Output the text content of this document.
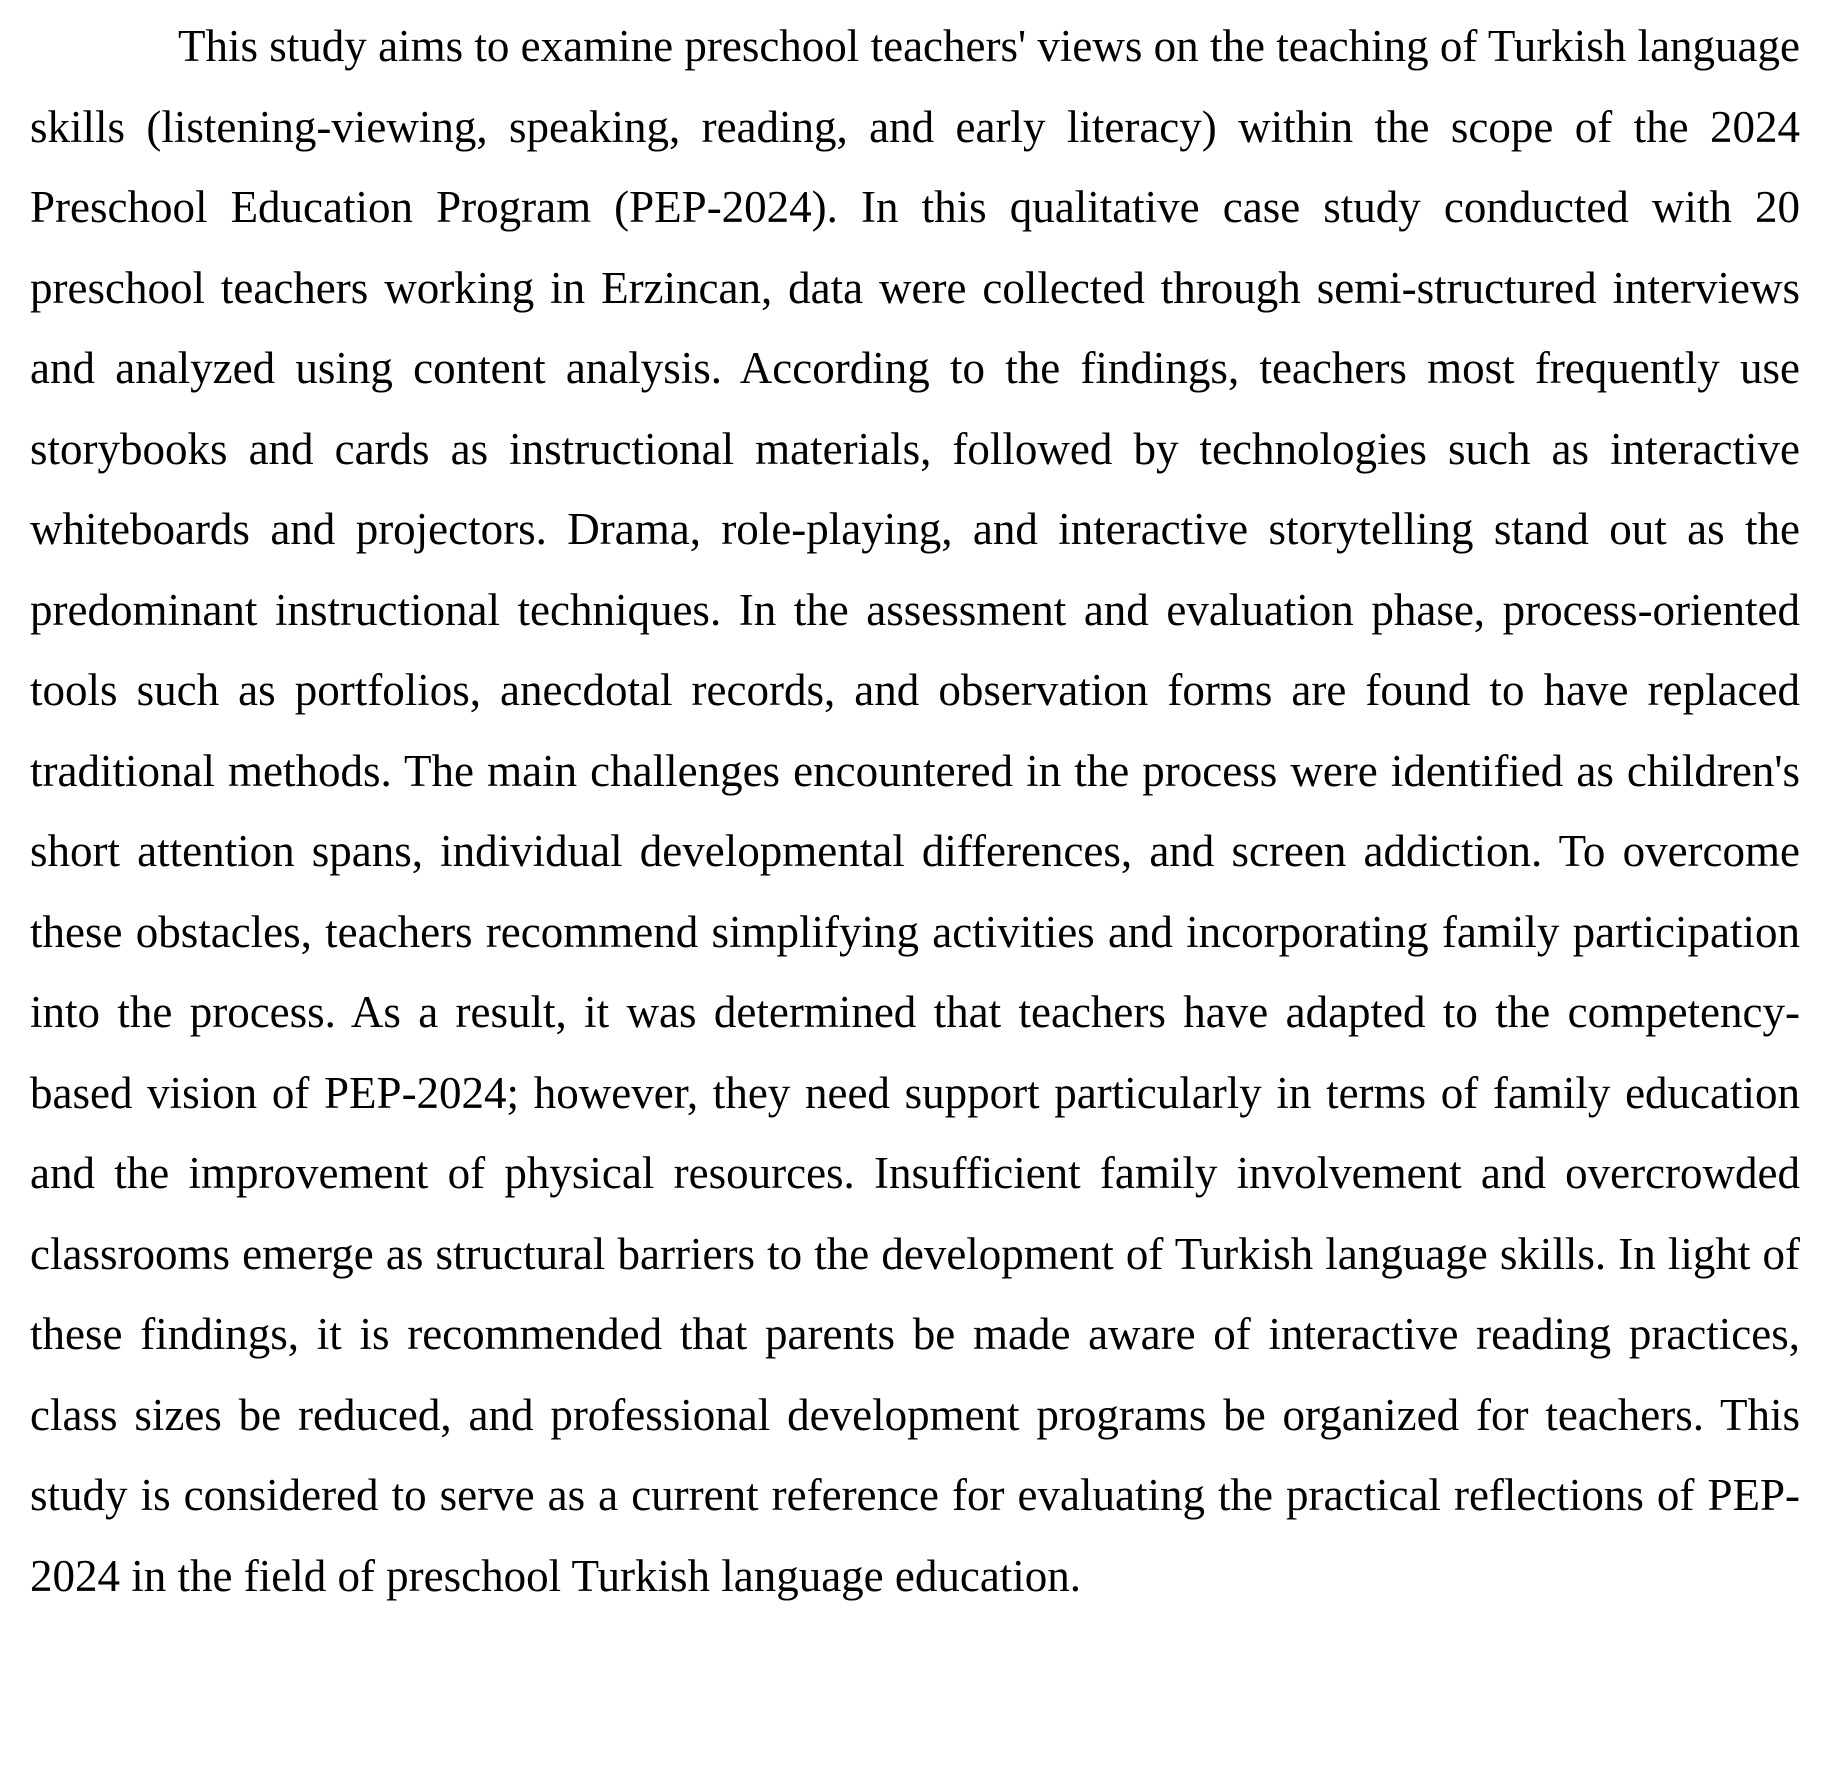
This study aims to examine preschool teachers' views on the teaching of Turkish language skills (listening-viewing, speaking, reading, and early literacy) within the scope of the 2024 Preschool Education Program (PEP-2024). In this qualitative case study conducted with 20 preschool teachers working in Erzincan, data were collected through semi-structured interviews and analyzed using content analysis. According to the findings, teachers most frequently use storybooks and cards as instructional materials, followed by technologies such as interactive whiteboards and projectors. Drama, role-playing, and interactive storytelling stand out as the predominant instructional techniques. In the assessment and evaluation phase, process-oriented tools such as portfolios, anecdotal records, and observation forms are found to have replaced traditional methods. The main challenges encountered in the process were identified as children's short attention spans, individual developmental differences, and screen addiction. To overcome these obstacles, teachers recommend simplifying activities and incorporating family participation into the process. As a result, it was determined that teachers have adapted to the competency-based vision of PEP-2024; however, they need support particularly in terms of family education and the improvement of physical resources. Insufficient family involvement and overcrowded classrooms emerge as structural barriers to the development of Turkish language skills. In light of these findings, it is recommended that parents be made aware of interactive reading practices, class sizes be reduced, and professional development programs be organized for teachers. This study is considered to serve as a current reference for evaluating the practical reflections of PEP-2024 in the field of preschool Turkish language education.
